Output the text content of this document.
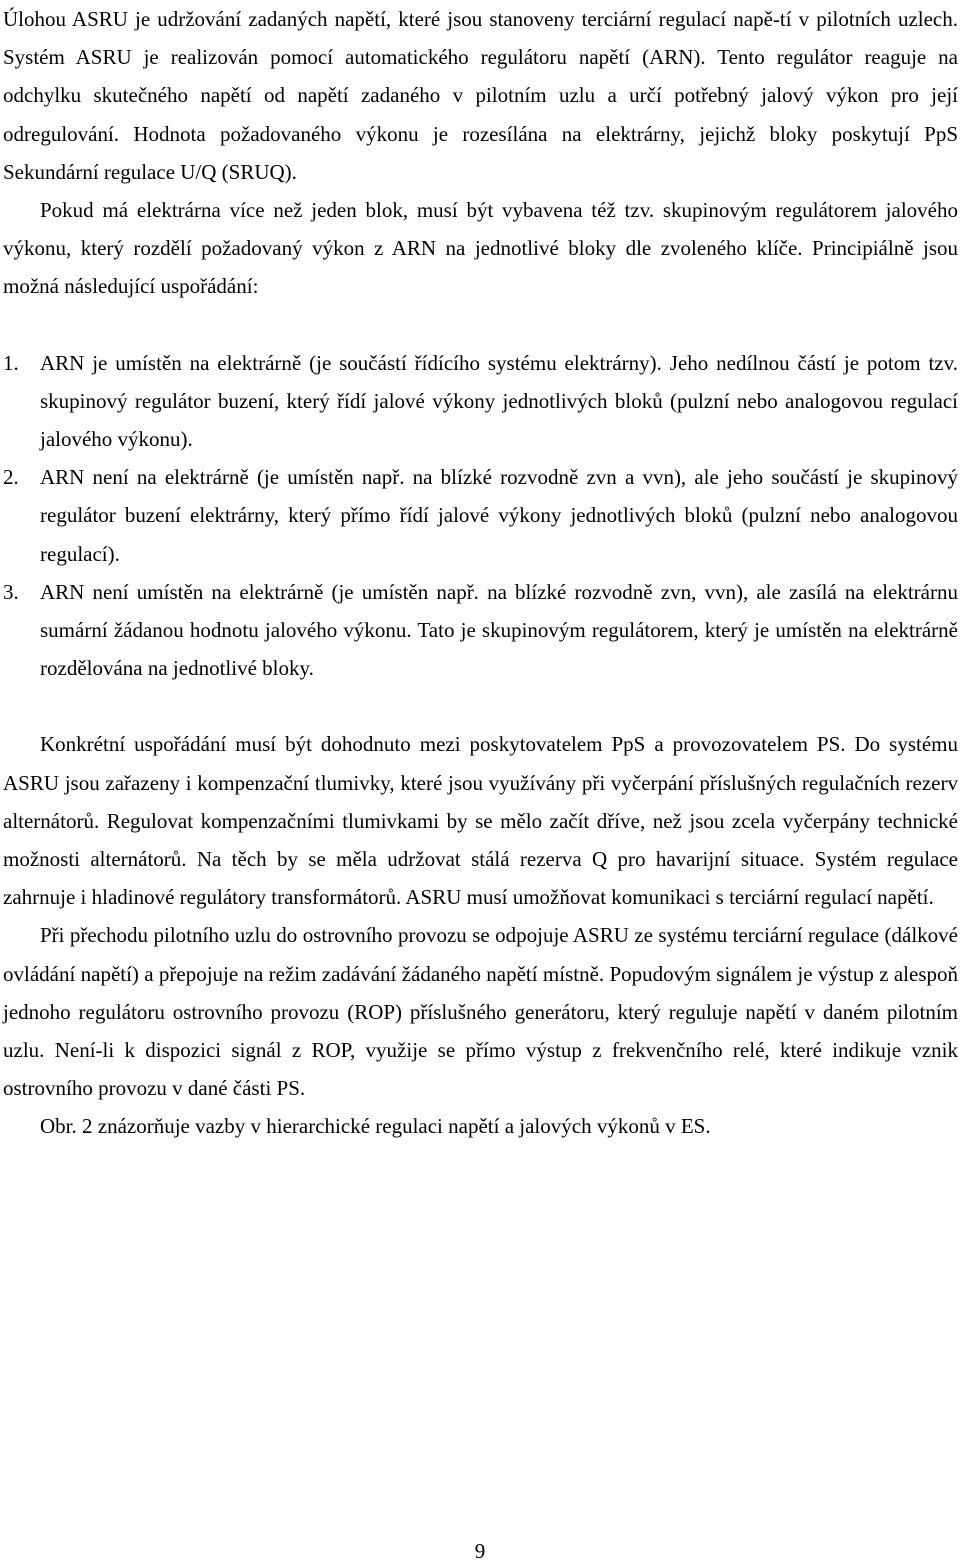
Úlohou ASRU je udržování zadaných napětí, které jsou stanoveny terciární regulací napě-tí v pilotních uzlech. Systém ASRU je realizován pomocí automatického regulátoru napětí (ARN). Tento regulátor reaguje na odchylku skutečného napětí od napětí zadaného v pilotním uzlu a určí potřebný jalový výkon pro její odregulování. Hodnota požadovaného výkonu je rozesílána na elektrárny, jejichž bloky poskytují PpS Sekundární regulace U/Q (SRUQ).

Pokud má elektrárna více než jeden blok, musí být vybavena též tzv. skupinovým regulátorem jalového výkonu, který rozdělí požadovaný výkon z ARN na jednotlivé bloky dle zvoleného klíče. Principiálně jsou možná následující uspořádání:

1. ARN je umístěn na elektrárně (je součástí řídícího systému elektrárny). Jeho nedílnou částí je potom tzv. skupinový regulátor buzení, který řídí jalové výkony jednotlivých bloků (pulzní nebo analogovou regulací jalového výkonu).
2. ARN není na elektrárně (je umístěn např. na blízké rozvodně zvn a vvn), ale jeho součástí je skupinový regulátor buzení elektrárny, který přímo řídí jalové výkony jednotlivých bloků (pulzní nebo analogovou regulací).
3. ARN není umístěn na elektrárně (je umístěn např. na blízké rozvodně zvn, vvn), ale zasílá na elektrárnu sumární žádanou hodnotu jalového výkonu. Tato je skupinovým regulátorem, který je umístěn na elektrárně rozdělována na jednotlivé bloky.

Konkrétní uspořádání musí být dohodnuto mezi poskytovatelem PpS a provozovatelem PS. Do systému ASRU jsou zařazeny i kompenzační tlumivky, které jsou využívány při vyčerpání příslušných regulačních rezerv alternátorů. Regulovat kompenzačními tlumivkami by se mělo začít dříve, než jsou zcela vyčerpány technické možnosti alternátorů. Na těch by se měla udržovat stálá rezerva Q pro havarijní situace. Systém regulace zahrnuje i hladinové regulátory transformátorů. ASRU musí umožňovat komunikaci s terciární regulací napětí.

Při přechodu pilotního uzlu do ostrovního provozu se odpojuje ASRU ze systému terciární regulace (dálkové ovládání napětí) a přepojuje na režim zadávání žádaného napětí místně. Popudovým signálem je výstup z alespoň jednoho regulátoru ostrovního provozu (ROP) příslušného generátoru, který reguluje napětí v daném pilotním uzlu. Není-li k dispozici signál z ROP, využije se přímo výstup z frekvenčního relé, které indikuje vznik ostrovního provozu v dané části PS.

Obr. 2 znázorňuje vazby v hierarchické regulaci napětí a jalových výkonů v ES.

9
